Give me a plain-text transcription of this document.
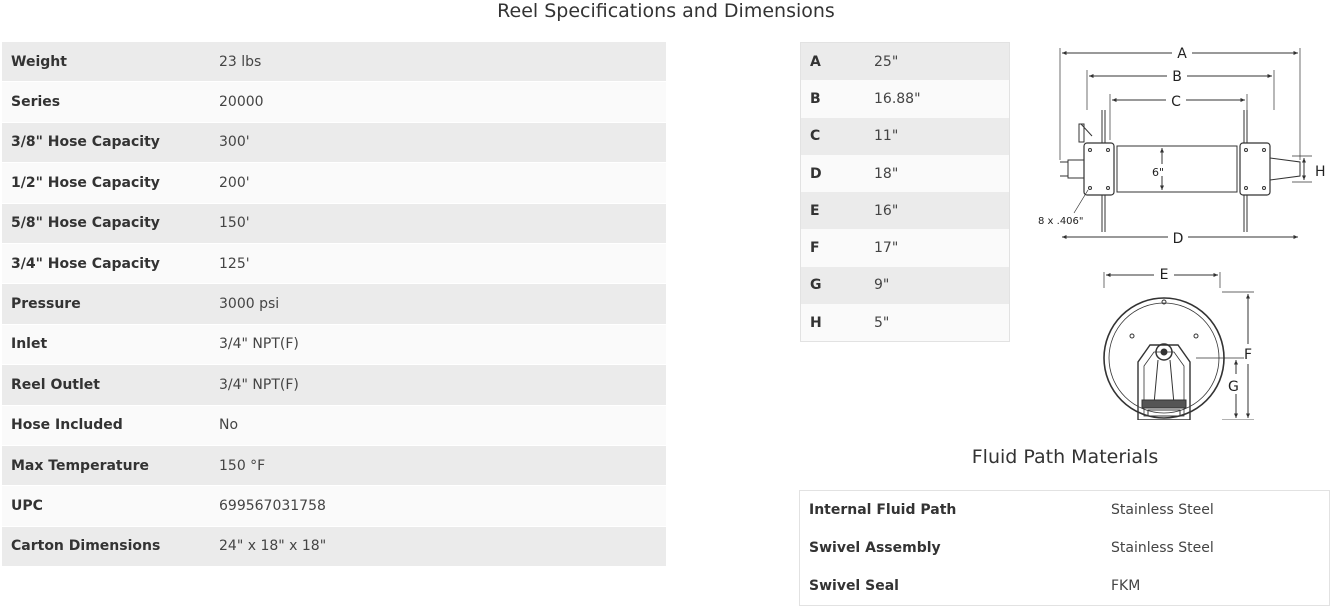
Reel Specifications and Dimensions
Weight	23 lbs
Series	20000
3/8" Hose Capacity	300'
1/2" Hose Capacity	200'
5/8" Hose Capacity	150'
3/4" Hose Capacity	125'
Pressure	3000 psi
Inlet	3/4" NPT(F)
Reel Outlet	3/4" NPT(F)
Hose Included	No
Max Temperature	150 °F
UPC	699567031758
Carton Dimensions	24" x 18" x 18"
A	25"
B	16.88"
C	11"
D	18"
E	16"
F	17"
G	9"
H	5"
A
B
C
6"	H
8 x .406"
D
E
F
G
Fluid Path Materials
Internal Fluid Path	Stainless Steel
Swivel Assembly	Stainless Steel
Swivel Seal	FKM
